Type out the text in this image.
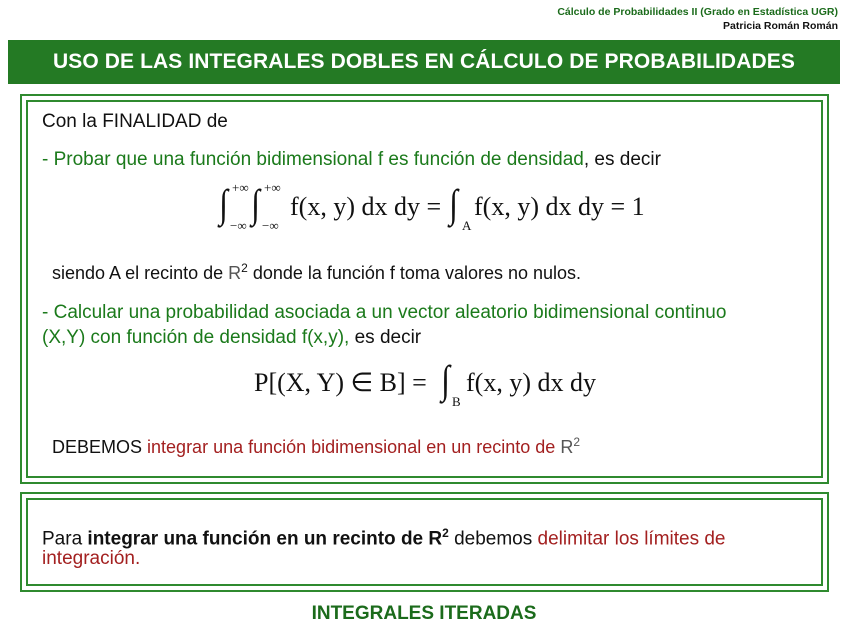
Cálculo de Probabilidades II (Grado en Estadística UGR)
Patricia Román Román
USO DE LAS INTEGRALES DOBLES EN CÁLCULO DE PROBABILIDADES
Con la FINALIDAD de
- Probar que una función bidimensional f es función de densidad, es decir
∫ +∞
−∞ ∫ +∞
−∞
f(x, y) dx dy = ∫ A
f(x, y) dx dy = 1
siendo A el recinto de $R^2$ donde la función f toma valores no nulos.
- Calcular una probabilidad asociada a un vector aleatorio bidimensional continuo
(X,Y) con función de densidad f(x,y), es decir
P[(X, Y) ∈ B] = ∫ B
f(x, y) dx dy
DEBEMOS integrar una función bidimensional en un recinto de $R^2$
Para integrar una función en un recinto de $R^2$ debemos delimitar los límites de
integración.
INTEGRALES ITERADAS
